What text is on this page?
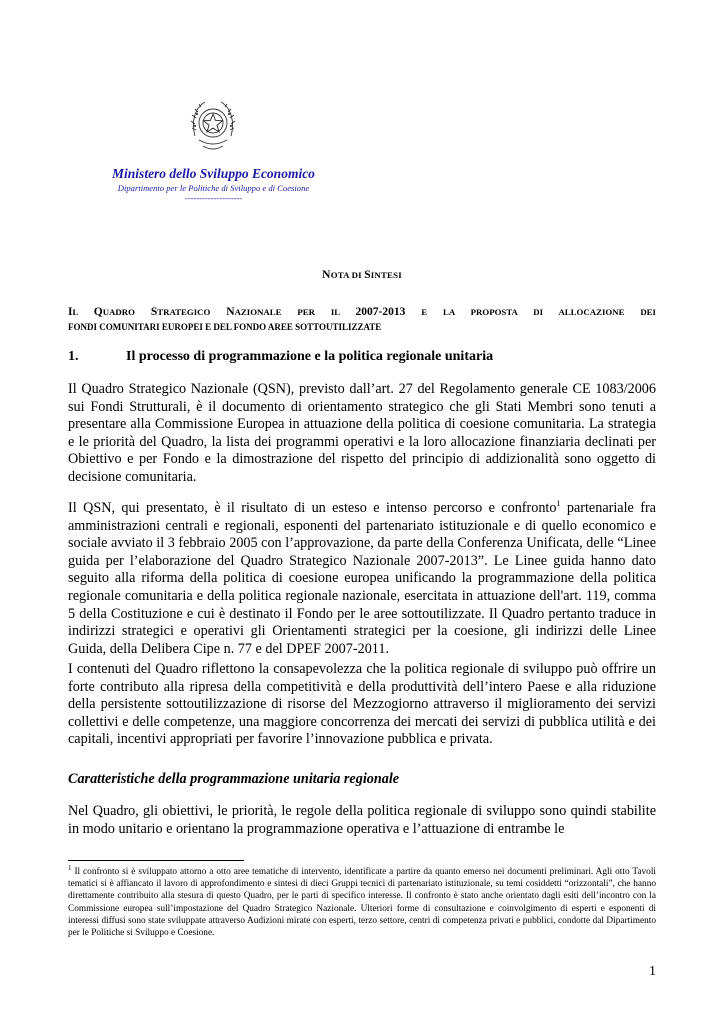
Ministero dello Sviluppo Economico
Dipartimento per le Politiche di Sviluppo e di Coesione
--------------------
NOTA DI SINTESI
IL QUADRO STRATEGICO NAZIONALE PER IL 2007-2013 E LA PROPOSTA DI ALLOCAZIONE DEI
FONDI COMUNITARI EUROPEI E DEL FONDO AREE SOTTOUTILIZZATE
1.	Il processo di programmazione e la politica regionale unitaria

Il Quadro Strategico Nazionale (QSN), previsto dall’art. 27 del Regolamento generale CE 1083/2006 sui Fondi Strutturali, è il documento di orientamento strategico che gli Stati Membri sono tenuti a presentare alla Commissione Europea in attuazione della politica di coesione comunitaria. La strategia e le priorità del Quadro, la lista dei programmi operativi e la loro allocazione finanziaria declinati per Obiettivo e per Fondo e la dimostrazione del rispetto del principio di addizionalità sono oggetto di decisione comunitaria.

Il QSN, qui presentato, è il risultato di un esteso e intenso percorso e confronto$^1$ partenariale fra amministrazioni centrali e regionali, esponenti del partenariato istituzionale e di quello economico e sociale avviato il 3 febbraio 2005 con l’approvazione, da parte della Conferenza Unificata, delle “Linee guida per l’elaborazione del Quadro Strategico Nazionale 2007-2013”. Le Linee guida hanno dato seguito alla riforma della politica di coesione europea unificando la programmazione della politica regionale comunitaria e della politica regionale nazionale, esercitata in attuazione dell'art. 119, comma 5 della Costituzione e cui è destinato il Fondo per le aree sottoutilizzate. Il Quadro pertanto traduce in indirizzi strategici e operativi gli Orientamenti strategici per la coesione, gli indirizzi delle Linee Guida, della Delibera Cipe n. 77 e del DPEF 2007-2011.

I contenuti del Quadro riflettono la consapevolezza che la politica regionale di sviluppo può offrire un forte contributo alla ripresa della competitività e della produttività dell’intero Paese e alla riduzione della persistente sottoutilizzazione di risorse del Mezzogiorno attraverso il miglioramento dei servizi collettivi e delle competenze, una maggiore concorrenza dei mercati dei servizi di pubblica utilità e dei capitali, incentivi appropriati per favorire l’innovazione pubblica e privata.

Caratteristiche della programmazione unitaria regionale

Nel Quadro, gli obiettivi, le priorità, le regole della politica regionale di sviluppo sono quindi stabilite in modo unitario e orientano la programmazione operativa e l’attuazione di entrambe le

$^1$ Il confronto si è sviluppato attorno a otto aree tematiche di intervento, identificate a partire da quanto emerso nei documenti preliminari. Agli otto Tavoli tematici si è affiancato il lavoro di approfondimento e sintesi di dieci Gruppi tecnici di partenariato istituzionale, su temi cosiddetti “orizzontali”, che hanno direttamente contribuito alla stesura di questo Quadro, per le parti di specifico interesse. Il confronto è stato anche orientato dagli esiti dell’incontro con la Commissione europea sull’impostazione del Quadro Strategico Nazionale. Ulteriori forme di consultazione e coinvolgimento di esperti e esponenti di interessi diffusi sono state sviluppate attraverso Audizioni mirate con esperti, terzo settore, centri di competenza privati e pubblici, condotte dal Dipartimento per le Politiche si Sviluppo e Coesione.

1
